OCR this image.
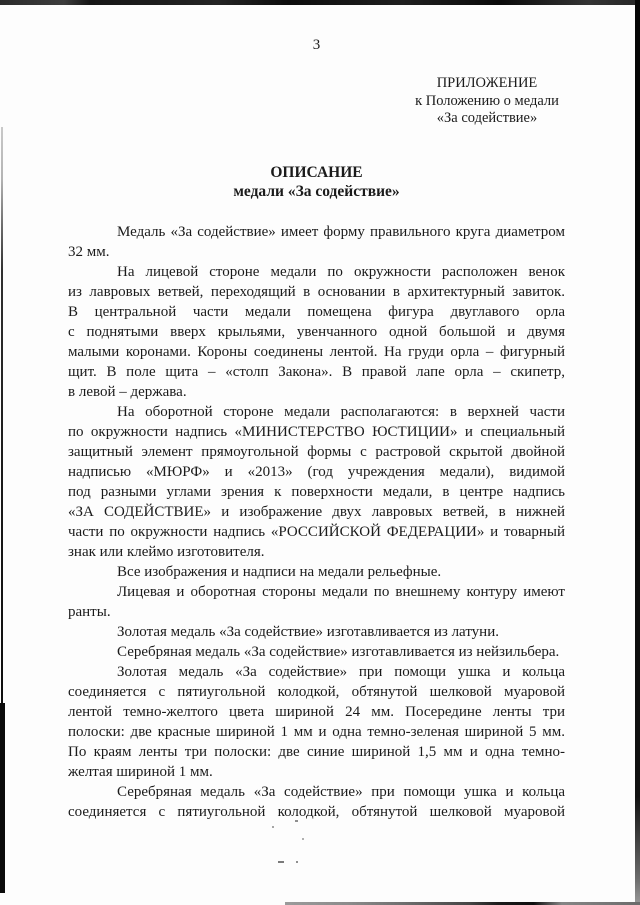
3
ПРИЛОЖЕНИЕ
к Положению о медали
«За содействие»
ОПИСАНИЕ
медали «За содействие»
Медаль «За содействие» имеет форму правильного круга диаметром
32 мм.
На лицевой стороне медали по окружности расположен венок
из лавровых ветвей, переходящий в основании в архитектурный завиток.
В центральной части медали помещена фигура двуглавого орла
с поднятыми вверх крыльями, увенчанного одной большой и двумя
малыми коронами. Короны соединены лентой. На груди орла – фигурный
щит. В поле щита – «столп Закона». В правой лапе орла – скипетр,
в левой – держава.
На оборотной стороне медали располагаются: в верхней части
по окружности надпись «МИНИСТЕРСТВО ЮСТИЦИИ» и специальный
защитный элемент прямоугольной формы с растровой скрытой двойной
надписью «МЮРФ» и «2013» (год учреждения медали), видимой
под разными углами зрения к поверхности медали, в центре надпись
«ЗА СОДЕЙСТВИЕ» и изображение двух лавровых ветвей, в нижней
части по окружности надпись «РОССИЙСКОЙ ФЕДЕРАЦИИ» и товарный
знак или клеймо изготовителя.
Все изображения и надписи на медали рельефные.
Лицевая и оборотная стороны медали по внешнему контуру имеют
ранты.
Золотая медаль «За содействие» изготавливается из латуни.
Серебряная медаль «За содействие» изготавливается из нейзильбера.
Золотая медаль «За содействие» при помощи ушка и кольца
соединяется с пятиугольной колодкой, обтянутой шелковой муаровой
лентой темно-желтого цвета шириной 24 мм. Посередине ленты три
полоски: две красные шириной 1 мм и одна темно-зеленая шириной 5 мм.
По краям ленты три полоски: две синие шириной 1,5 мм и одна темно-
желтая шириной 1 мм.
Серебряная медаль «За содействие» при помощи ушка и кольца
соединяется с пятиугольной колодкой, обтянутой шелковой муаровой
